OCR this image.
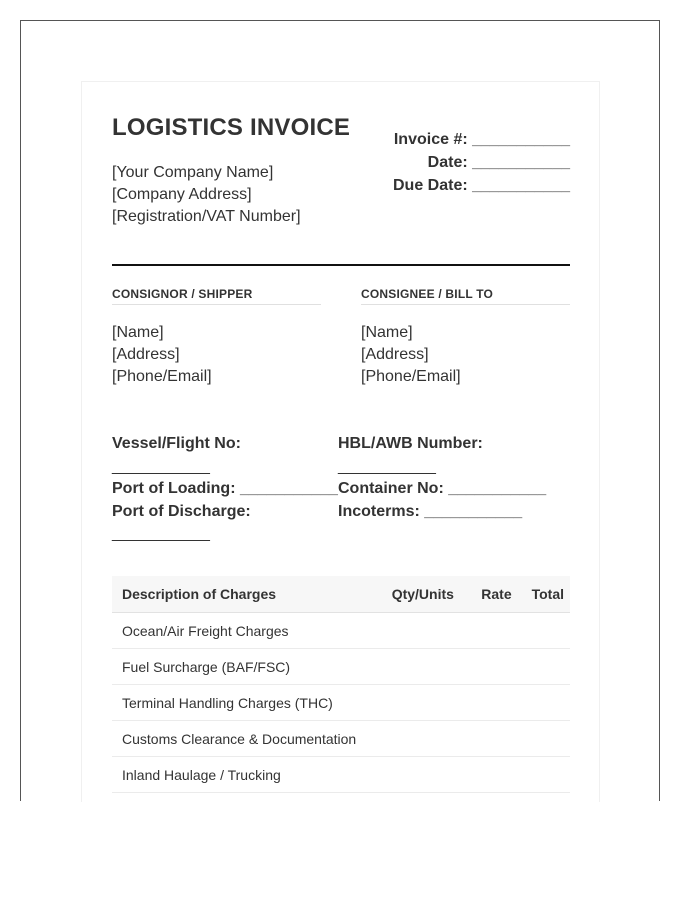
LOGISTICS INVOICE
[Your Company Name]
[Company Address]
[Registration/VAT Number]
Invoice #: ___________
Date: ___________
Due Date: ___________
CONSIGNOR / SHIPPER
[Name]
[Address]
[Phone/Email]
CONSIGNEE / BILL TO
[Name]
[Address]
[Phone/Email]
Vessel/Flight No:
___________
Port of Loading: ___________
Port of Discharge:
___________
HBL/AWB Number:
___________
Container No: ___________
Incoterms: ___________
Description of Charges	Qty/Units	Rate	Total
Ocean/Air Freight Charges			
Fuel Surcharge (BAF/FSC)			
Terminal Handling Charges (THC)			
Customs Clearance & Documentation			
Inland Haulage / Trucking			
